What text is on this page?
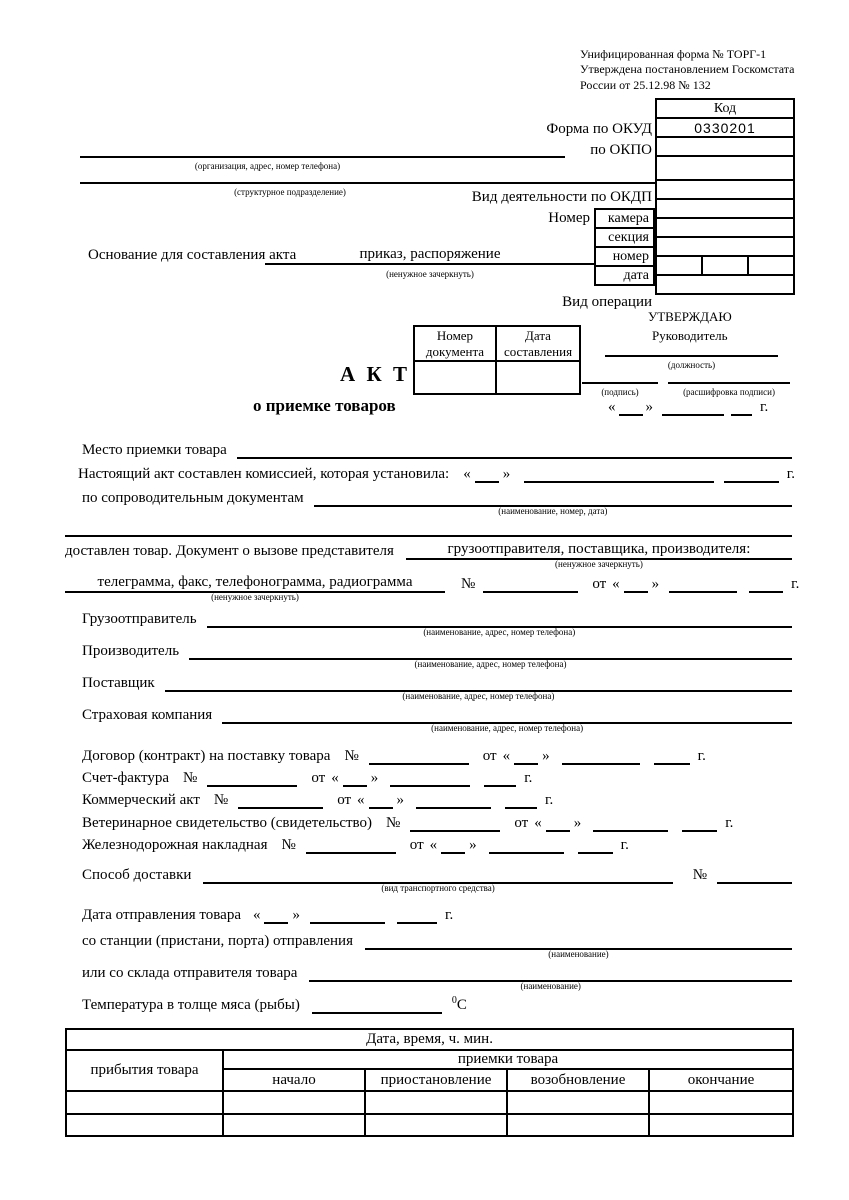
Унифицированная форма № ТОРГ-1
Утверждена постановлением Госкомстата
России от 25.12.98 № 132
Код
0330201

камера
секция
номер
дата
Форма по ОКУД
по ОКПО
Вид деятельности по ОКДП
Номер
Вид операции
(организация, адрес, номер телефона)
(структурное подразделение)
Основание для составления акта	приказ, распоряжение
(ненужное зачеркнуть)
УТВЕРЖДАЮ
Руководитель
(должность)
(подпись)	(расшифровка подписи)
« »	г.
Номер документа	Дата составления

А К Т
о приемке товаров
Место приемки товара
Настоящий акт составлен комиссией, которая установила: « »	г.
по сопроводительным документам
(наименование, номер, дата)
доставлен товар. Документ о вызове представителя	грузоотправителя, поставщика, производителя:
(ненужное зачеркнуть)
телеграмма, факс, телефонограмма, радиограмма
(ненужное зачеркнуть)
№	от « »	г.
Грузоотправитель
(наименование, адрес, номер телефона)
Производитель
(наименование, адрес, номер телефона)
Поставщик
(наименование, адрес, номер телефона)
Страховая компания
(наименование, адрес, номер телефона)
Договор (контракт) на поставку товара №	от « »	г.
Счет-фактура №	от « »	г.
Коммерческий акт №	от « »	г.
Ветеринарное свидетельство (свидетельство) №	от « »	г.
Железнодорожная накладная №	от « »	г.
Способ доставки
(вид транспортного средства)
№
Дата отправления товара « »	г.
со станции (пристани, порта) отправления
(наименование)
или со склада отправителя товара
(наименование)
Температура в толще мяса (рыбы)	$^0$С
Дата, время, ч. мин.				
прибытия товара	приемки товара			
	начало	приостановление	возобновление	окончание
